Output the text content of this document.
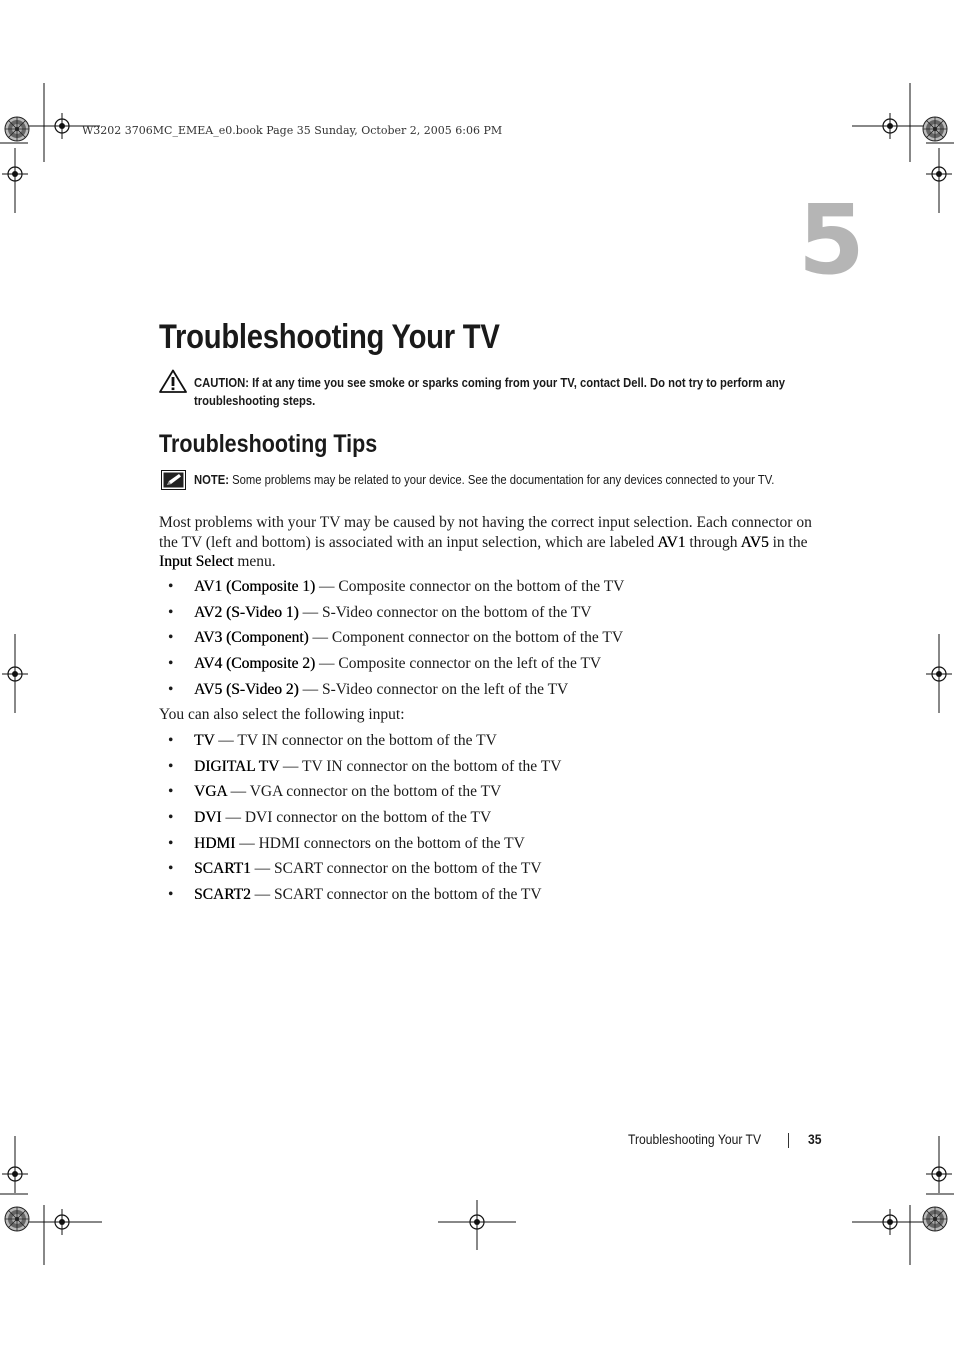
W3202 3706MC_EMEA_e0.book Page 35 Sunday, October 2, 2005 6:06 PM
5
Troubleshooting Your TV
CAUTION: If at any time you see smoke or sparks coming from your TV, contact Dell. Do not try to perform any troubleshooting steps.
Troubleshooting Tips
NOTE: Some problems may be related to your device. See the documentation for any devices connected to your TV.
Most problems with your TV may be caused by not having the correct input selection. Each connector on the TV (left and bottom) is associated with an input selection, which are labeled AV1 through AV5 in the Input Select menu.
• AV1 (Composite 1) — Composite connector on the bottom of the TV
• AV2 (S-Video 1) — S-Video connector on the bottom of the TV
• AV3 (Component) — Component connector on the bottom of the TV
• AV4 (Composite 2) — Composite connector on the left of the TV
• AV5 (S-Video 2) — S-Video connector on the left of the TV
You can also select the following input:
• TV — TV IN connector on the bottom of the TV
• DIGITAL TV — TV IN connector on the bottom of the TV
• VGA — VGA connector on the bottom of the TV
• DVI — DVI connector on the bottom of the TV
• HDMI — HDMI connectors on the bottom of the TV
• SCART1 — SCART connector on the bottom of the TV
• SCART2 — SCART connector on the bottom of the TV
Troubleshooting Your TV	35
